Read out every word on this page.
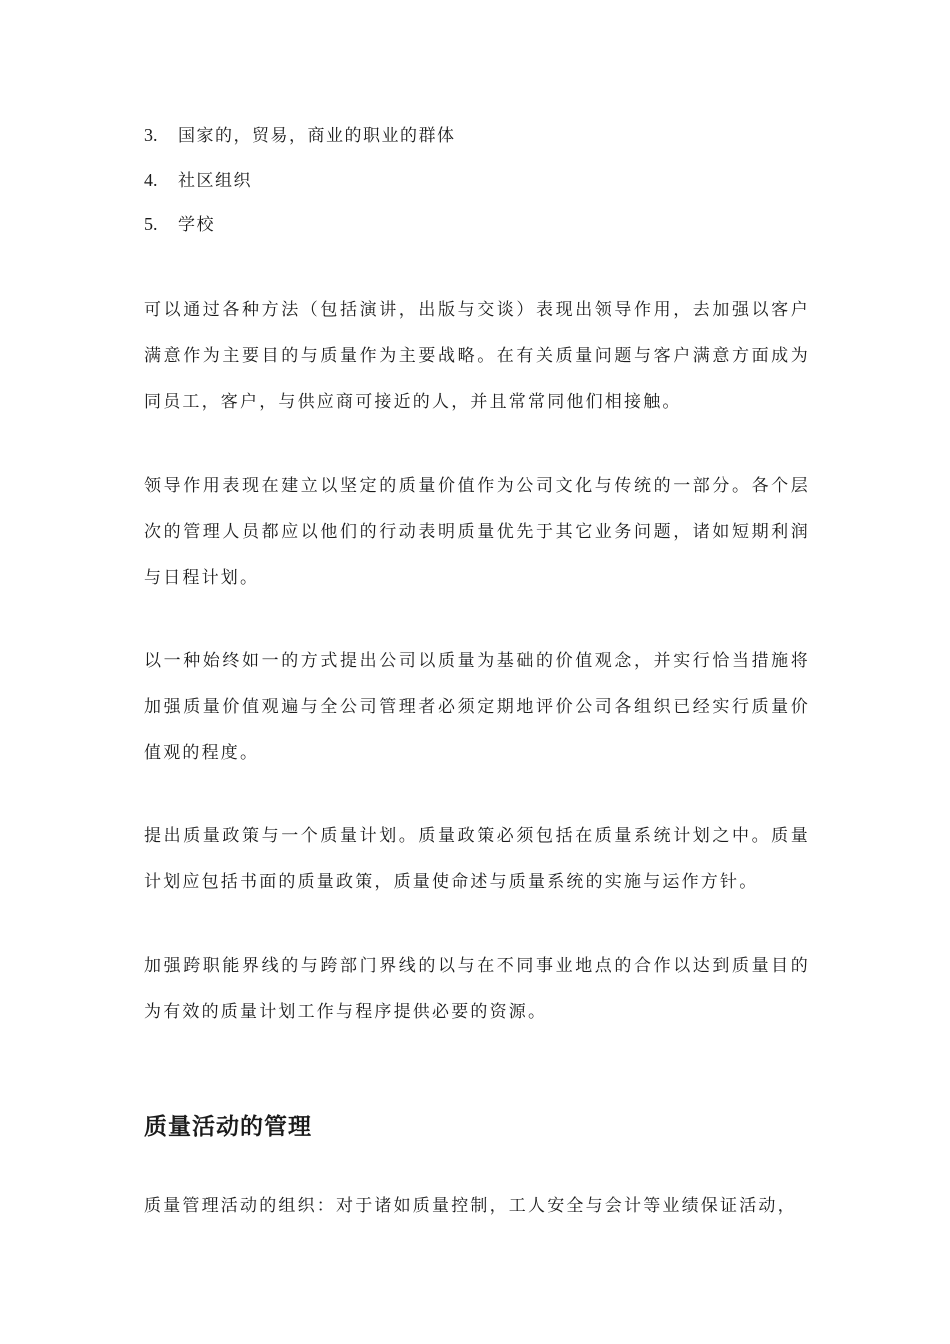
3. 国家的，贸易，商业的职业的群体
4. 社区组织
5. 学校

可以通过各种方法（包括演讲，出版与交谈）表现出领导作用，去加强以客户满意作为主要目的与质量作为主要战略。在有关质量问题与客户满意方面成为同员工，客户，与供应商可接近的人，并且常常同他们相接触。

领导作用表现在建立以坚定的质量价值作为公司文化与传统的一部分。各个层次的管理人员都应以他们的行动表明质量优先于其它业务问题，诸如短期利润与日程计划。

以一种始终如一的方式提出公司以质量为基础的价值观念，并实行恰当措施将加强质量价值观遍与全公司管理者必须定期地评价公司各组织已经实行质量价值观的程度。

提出质量政策与一个质量计划。质量政策必须包括在质量系统计划之中。质量计划应包括书面的质量政策，质量使命述与质量系统的实施与运作方针。

加强跨职能界线的与跨部门界线的以与在不同事业地点的合作以达到质量目的为有效的质量计划工作与程序提供必要的资源。

质量活动的管理

质量管理活动的组织：对于诸如质量控制，工人安全与会计等业绩保证活动，
